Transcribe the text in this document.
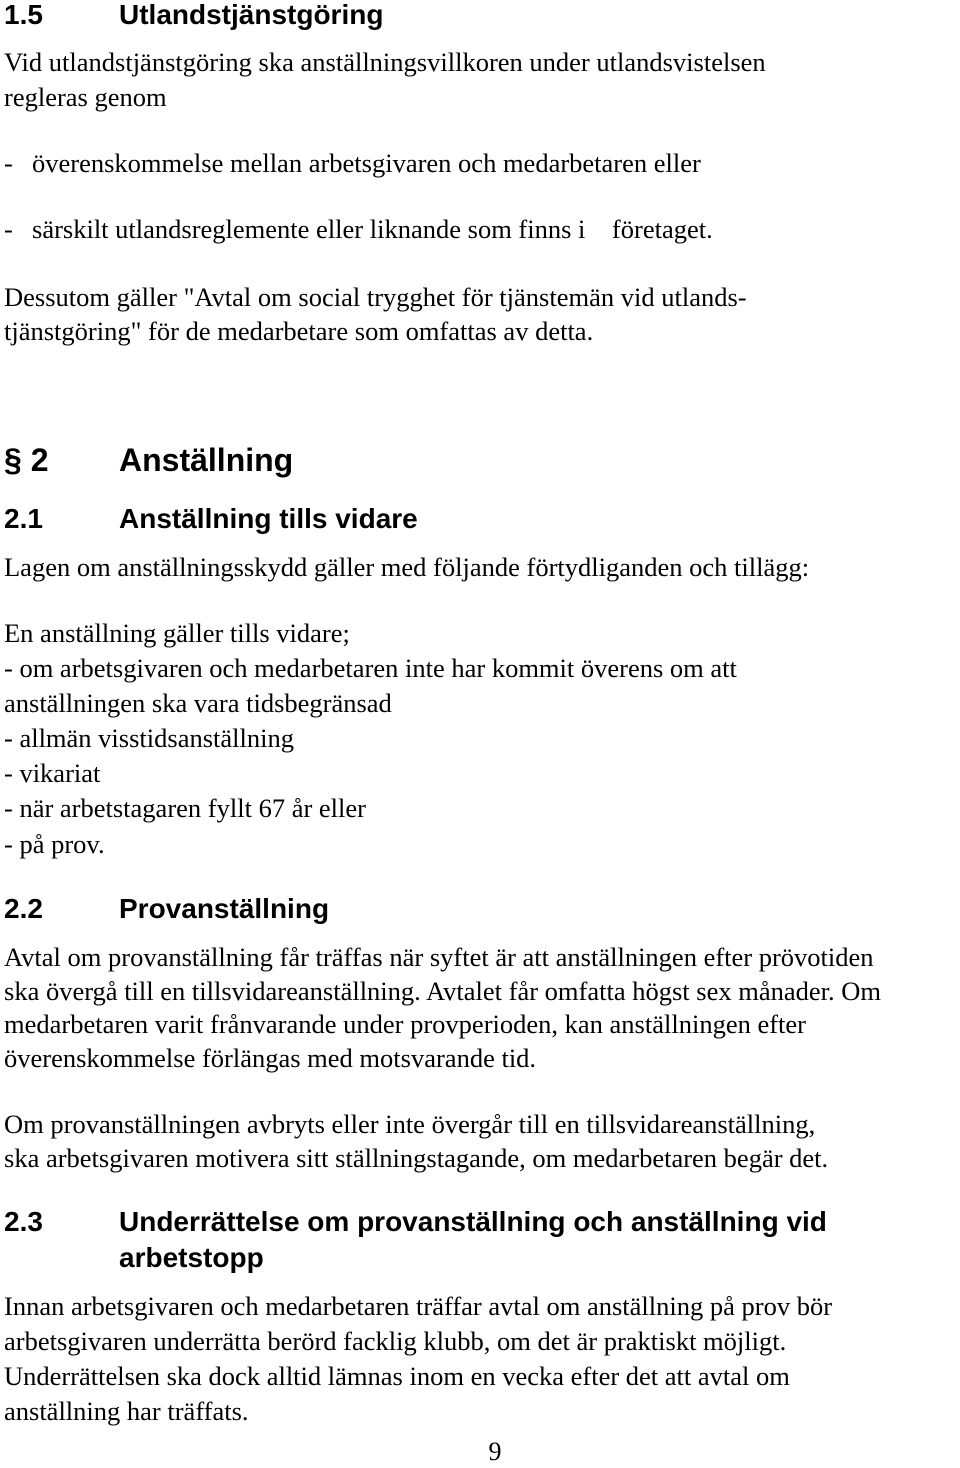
1.5	Utlandstjänstgöring
Vid utlandstjänstgöring ska anställningsvillkoren under utlandsvistelsen
regleras genom
- överenskommelse mellan arbetsgivaren och medarbetaren eller
- särskilt utlandsreglemente eller liknande som finns i    företaget.
Dessutom gäller "Avtal om social trygghet för tjänstemän vid utlands-
tjänstgöring" för de medarbetare som omfattas av detta.
§ 2 Anställning
2.1	Anställning tills vidare
Lagen om anställningsskydd gäller med följande förtydliganden och tillägg:
En anställning gäller tills vidare;
- om arbetsgivaren och medarbetaren inte har kommit överens om att
anställningen ska vara tidsbegränsad
- allmän visstidsanställning
- vikariat
- när arbetstagaren fyllt 67 år eller
- på prov.
2.2	Provanställning
Avtal om provanställning får träffas när syftet är att anställningen efter prövotiden
ska övergå till en tillsvidareanställning. Avtalet får omfatta högst sex månader. Om
medarbetaren varit frånvarande under provperioden, kan anställningen efter
överenskommelse förlängas med motsvarande tid.
Om provanställningen avbryts eller inte övergår till en tillsvidareanställning,
ska arbetsgivaren motivera sitt ställningstagande, om medarbetaren begär det.
2.3	Underrättelse om provanställning och anställning vid
arbetstopp
Innan arbetsgivaren och medarbetaren träffar avtal om anställning på prov bör
arbetsgivaren underrätta berörd facklig klubb, om det är praktiskt möjligt.
Underrättelsen ska dock alltid lämnas inom en vecka efter det att avtal om
anställning har träffats.
9
